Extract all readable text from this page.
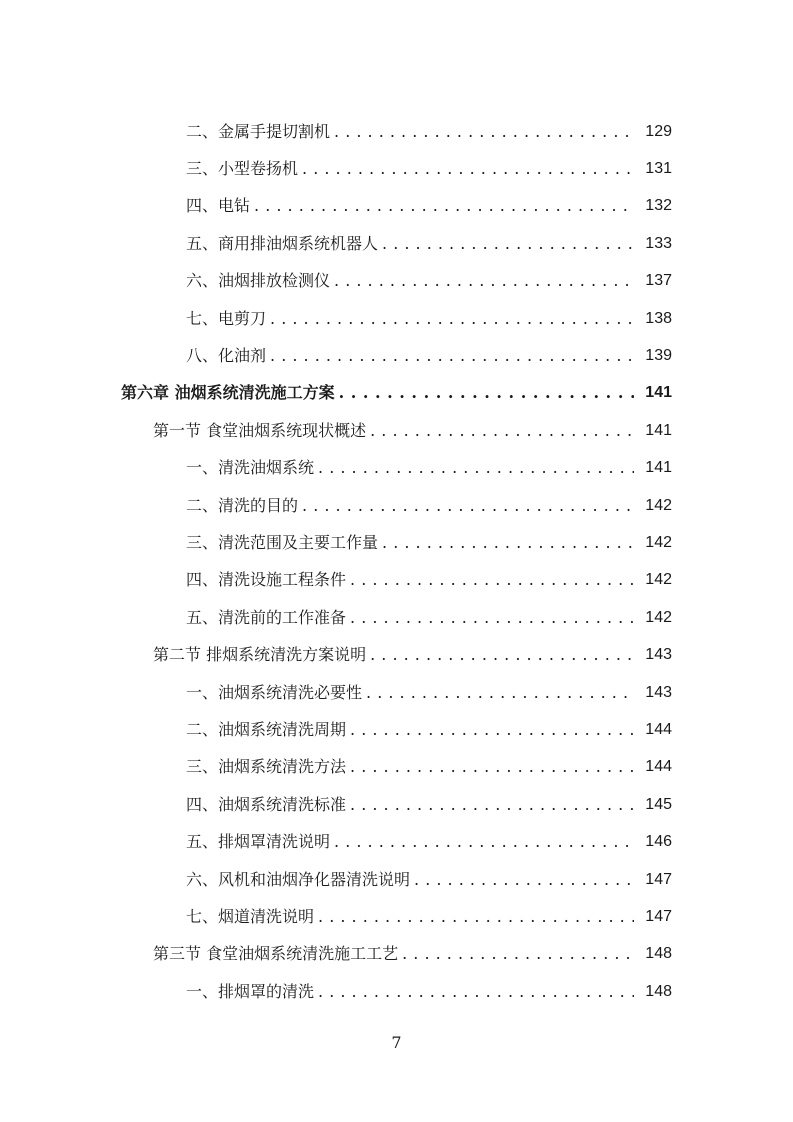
二、金属手提切割机 . . .	129
三、小型卷扬机 . . .	131
四、电钻 . . .	132
五、商用排油烟系统机器人 . . .	133
六、油烟排放检测仪 . . .	137
七、电剪刀 . . .	138
八、化油剂 . . .	139
第六章 油烟系统清洗施工方案 . . .	141
第一节 食堂油烟系统现状概述 . . .	141
一、清洗油烟系统 . . .	141
二、清洗的目的 . . .	142
三、清洗范围及主要工作量 . . .	142
四、清洗设施工程条件 . . .	142
五、清洗前的工作准备 . . .	142
第二节 排烟系统清洗方案说明 . . .	143
一、油烟系统清洗必要性 . . .	143
二、油烟系统清洗周期 . . .	144
三、油烟系统清洗方法 . . .	144
四、油烟系统清洗标准 . . .	145
五、排烟罩清洗说明 . . .	146
六、风机和油烟净化器清洗说明 . . .	147
七、烟道清洗说明 . . .	147
第三节 食堂油烟系统清洗施工工艺 . . .	148
一、排烟罩的清洗 . . .	148
7
